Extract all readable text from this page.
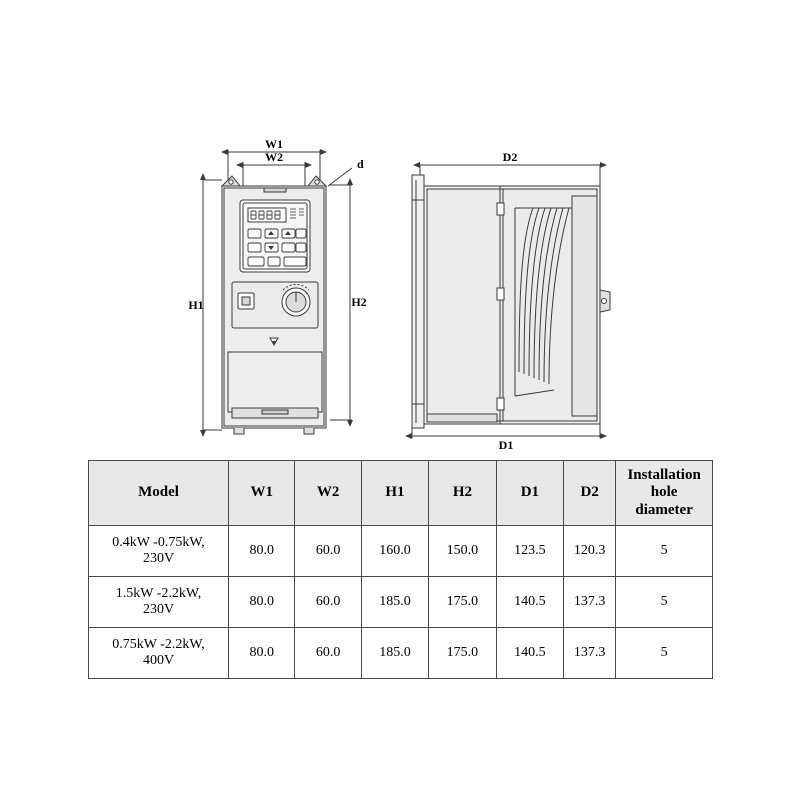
W1
W2
H1	H2
d	D2
D1
Model	W1	W2	H1	H2	D1	D2	Installation
hole
diameter

0.4kW -0.75kW,
230V	80.0	60.0	160.0	150.0	123.5	120.3	5

1.5kW -2.2kW,
230V	80.0	60.0	185.0	175.0	140.5	137.3	5

0.75kW -2.2kW,
400V	80.0	60.0	185.0	175.0	140.5	137.3	5
